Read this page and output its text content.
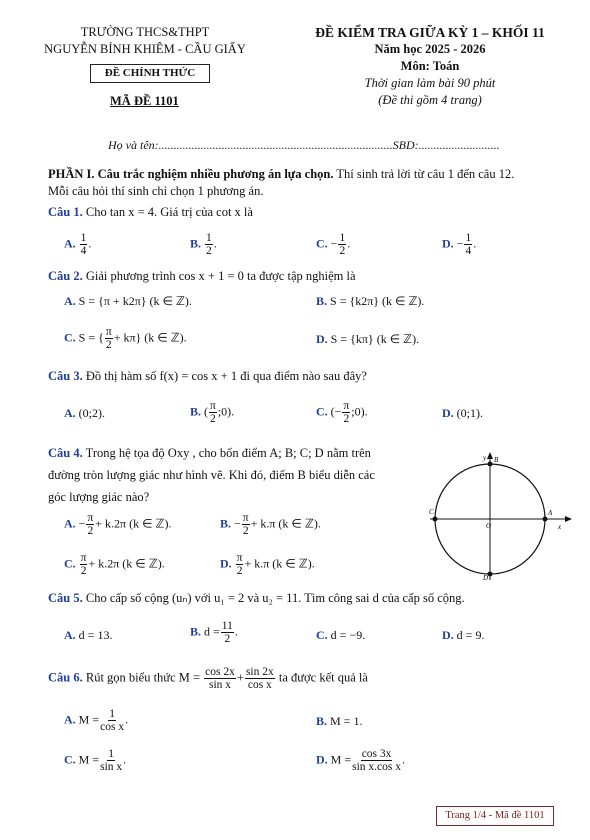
TRƯỜNG THCS&THPT
NGUYỄN BỈNH KHIÊM - CẦU GIẤY
ĐỀ CHÍNH THỨC
MÃ ĐỀ 1101
ĐỀ KIỂM TRA GIỮA KỲ 1 – KHỐI 11
Năm học 2025 - 2026
Môn: Toán
Thời gian làm bài 90 phút
(Đề thi gồm 4 trang)
Họ và tên:..............................................................................SBD:...........................
PHẦN I. Câu trắc nghiệm nhiều phương án lựa chọn. Thí sinh trả lời từ câu 1 đến câu 12.
Mỗi câu hỏi thí sinh chỉ chọn 1 phương án.
Câu 1. Cho tan x = 4. Giá trị của cot x là
A. $\frac{1}{4}$ .	B. $\frac{1}{2}$ .	C. − $\frac{1}{2}$ .	D. − $\frac{1}{4}$ .
Câu 2. Giải phương trình cos x + 1 = 0 ta được tập nghiệm là
A. S = {π + k2π} (k ∈ ℤ).	B. S = {k2π} (k ∈ ℤ).
C. S = { $\frac{\pi}{2} + k\pi$} (k ∈ ℤ).	D. S = {kπ} (k ∈ ℤ).
Câu 3. Đồ thị hàm số f(x) = cos x + 1 đi qua điểm nào sau đây?
A. (0;2).	B. ( $\frac{\pi}{2}$ ;0).	C. (− $\frac{\pi}{2}$ ;0).	D. (0;1).
Câu 4. Trong hệ tọa độ Oxy , cho bốn điểm A; B; C; D nằm trên
đường tròn lượng giác như hình vẽ. Khi đó, điểm B biểu diễn các
góc lượng giác nào?
y B
A
C
D
O	x
A. − $\frac{\pi}{2} + k.2\pi$ (k ∈ ℤ).	B. − $\frac{\pi}{2} + k.\pi$ (k ∈ ℤ).
C. $\frac{\pi}{2} + k.2\pi$ (k ∈ ℤ).	D. $\frac{\pi}{2} + k.\pi$ (k ∈ ℤ).
Câu 5. Cho cấp số cộng (uₙ) với u₁ = 2 và u₂ = 11. Tìm công sai d của cấp số cộng.
A. d = 13.	B. $d = \frac{11}{2}$ .	C. d = −9.	D. d = 9.
Câu 6. Rút gọn biểu thức $M = \frac{\cos 2x}{\text{sin x}} + \frac{\sin 2x}{\text{cos x}}$ ta được kết quả là
A. $M = \frac{1}{\text{cos x}}$ .	B. M = 1.
C. $M = \frac{1}{\text{sin x}}$ .	D. $M = \frac{\cos 3x}{\text{sin x.cos x}}$ .
Trang 1/4 - Mã đề 1101
